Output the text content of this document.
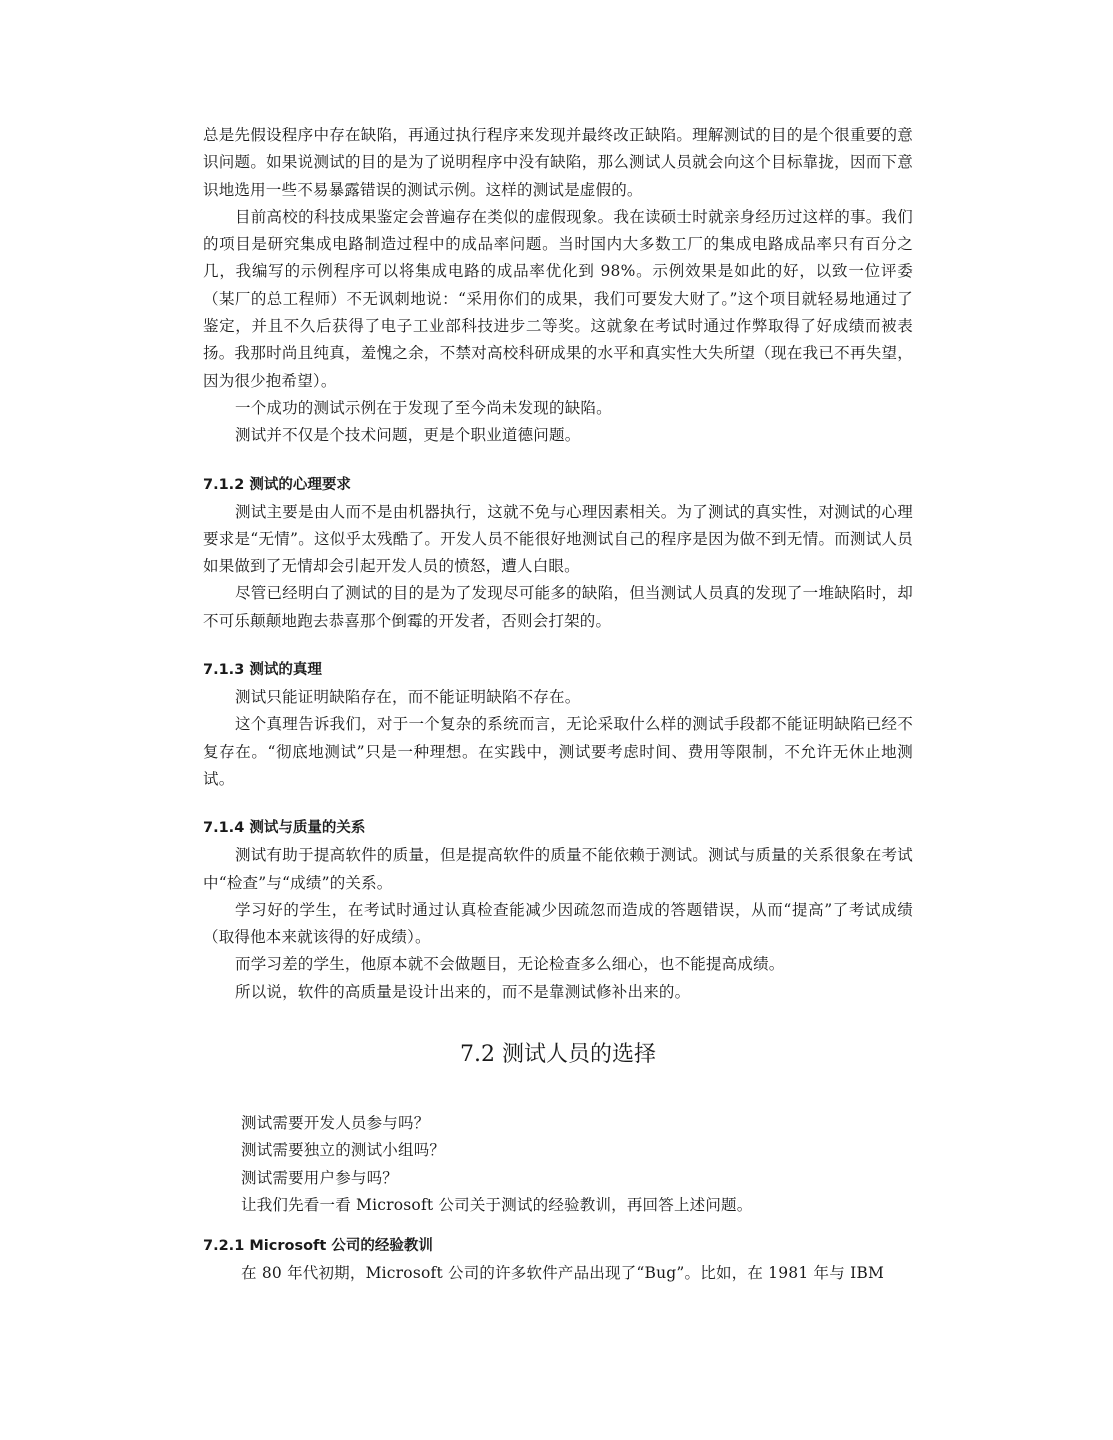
总是先假设程序中存在缺陷，再通过执行程序来发现并最终改正缺陷。理解测试的目的是个很重要的意识问题。如果说测试的目的是为了说明程序中没有缺陷，那么测试人员就会向这个目标靠拢，因而下意识地选用一些不易暴露错误的测试示例。这样的测试是虚假的。

目前高校的科技成果鉴定会普遍存在类似的虚假现象。我在读硕士时就亲身经历过这样的事。我们的项目是研究集成电路制造过程中的成品率问题。当时国内大多数工厂的集成电路成品率只有百分之几，我编写的示例程序可以将集成电路的成品率优化到 98%。示例效果是如此的好，以致一位评委（某厂的总工程师）不无讽刺地说：“采用你们的成果，我们可要发大财了。”这个项目就轻易地通过了鉴定，并且不久后获得了电子工业部科技进步二等奖。这就象在考试时通过作弊取得了好成绩而被表扬。我那时尚且纯真，羞愧之余，不禁对高校科研成果的水平和真实性大失所望（现在我已不再失望，因为很少抱希望）。

一个成功的测试示例在于发现了至今尚未发现的缺陷。

测试并不仅是个技术问题，更是个职业道德问题。

7.1.2 测试的心理要求

测试主要是由人而不是由机器执行，这就不免与心理因素相关。为了测试的真实性，对测试的心理要求是“无情”。这似乎太残酷了。开发人员不能很好地测试自己的程序是因为做不到无情。而测试人员如果做到了无情却会引起开发人员的愤怒，遭人白眼。

尽管已经明白了测试的目的是为了发现尽可能多的缺陷，但当测试人员真的发现了一堆缺陷时，却不可乐颠颠地跑去恭喜那个倒霉的开发者，否则会打架的。

7.1.3 测试的真理

测试只能证明缺陷存在，而不能证明缺陷不存在。

这个真理告诉我们，对于一个复杂的系统而言，无论采取什么样的测试手段都不能证明缺陷已经不复存在。“彻底地测试”只是一种理想。在实践中，测试要考虑时间、费用等限制，不允许无休止地测试。

7.1.4 测试与质量的关系

测试有助于提高软件的质量，但是提高软件的质量不能依赖于测试。测试与质量的关系很象在考试中“检查”与“成绩”的关系。

学习好的学生，在考试时通过认真检查能减少因疏忽而造成的答题错误，从而“提高”了考试成绩（取得他本来就该得的好成绩）。

而学习差的学生，他原本就不会做题目，无论检查多么细心，也不能提高成绩。

所以说，软件的高质量是设计出来的，而不是靠测试修补出来的。

7.2 测试人员的选择

测试需要开发人员参与吗？

测试需要独立的测试小组吗？

测试需要用户参与吗？

让我们先看一看 Microsoft 公司关于测试的经验教训，再回答上述问题。

7.2.1 Microsoft 公司的经验教训

在 80 年代初期，Microsoft 公司的许多软件产品出现了“Bug”。比如，在 1981 年与 IBM
